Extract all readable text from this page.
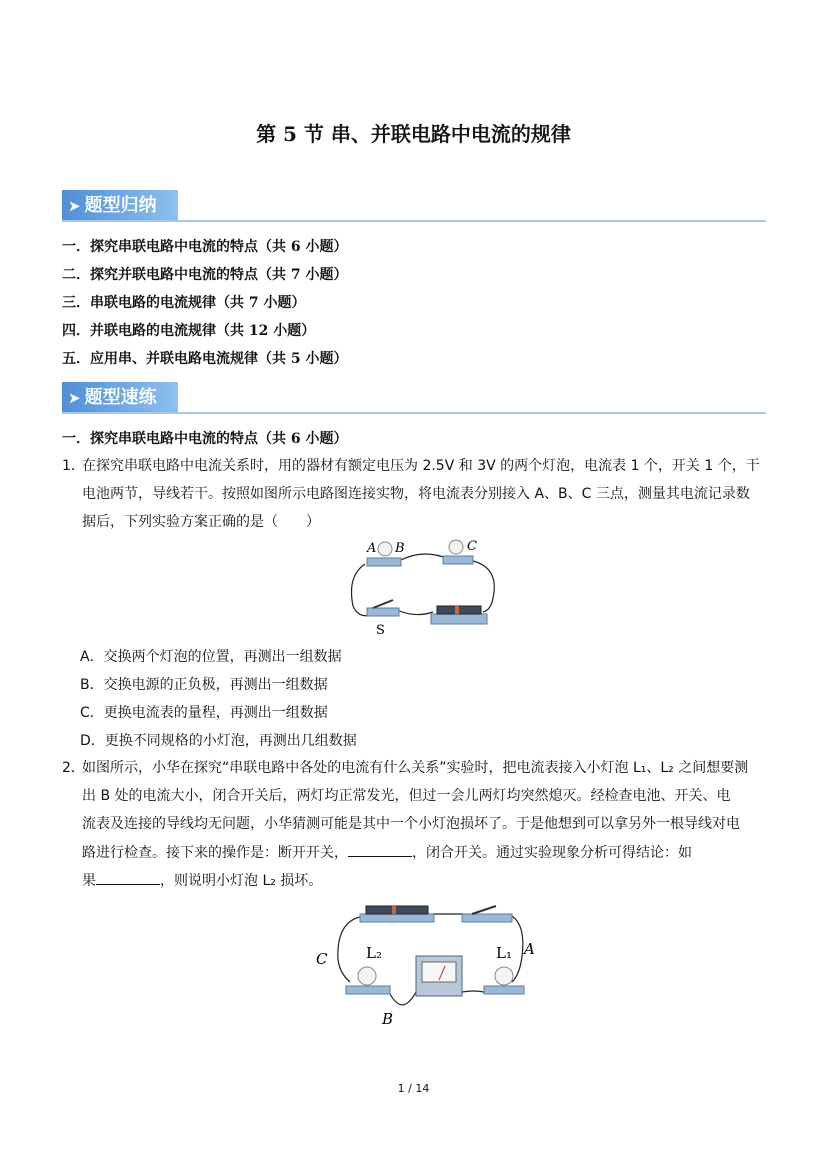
第 5 节 串、并联电路中电流的规律
➤ 题型归纳
一．探究串联电路中电流的特点（共 6 小题）
二．探究并联电路中电流的特点（共 7 小题）
三．串联电路的电流规律（共 7 小题）
四．并联电路的电流规律（共 12 小题）
五．应用串、并联电路电流规律（共 5 小题）
➤ 题型速练
一．探究串联电路中电流的特点（共 6 小题）
1．
在探究串联电路中电流关系时，用的器材有额定电压为 2.5V 和 3V 的两个灯泡，电流表 1 个，开关 1 个，干
电池两节，导线若干。按照如图所示电路图连接实物，将电流表分别接入 A、B、C 三点，测量其电流记录数
据后，下列实验方案正确的是（　　）
A B	C
S
A．交换两个灯泡的位置，再测出一组数据
B．交换电源的正负极，再测出一组数据
C．更换电流表的量程，再测出一组数据
D．更换不同规格的小灯泡，再测出几组数据
2．
如图所示，小华在探究“串联电路中各处的电流有什么关系”实验时，把电流表接入小灯泡 L₁、L₂ 之间想要测
出 B 处的电流大小，闭合开关后，两灯均正常发光，但过一会儿两灯均突然熄灭。经检查电池、开关、电
流表及连接的导线均无问题，小华猜测可能是其中一个小灯泡损坏了。于是他想到可以拿另外一根导线对电
路进行检查。接下来的操作是：断开开关，	，闭合开关。通过实验现象分析可得结论：如
果	，则说明小灯泡 L₂ 损坏。
C	L₂	L₁ A
B
1 / 14
